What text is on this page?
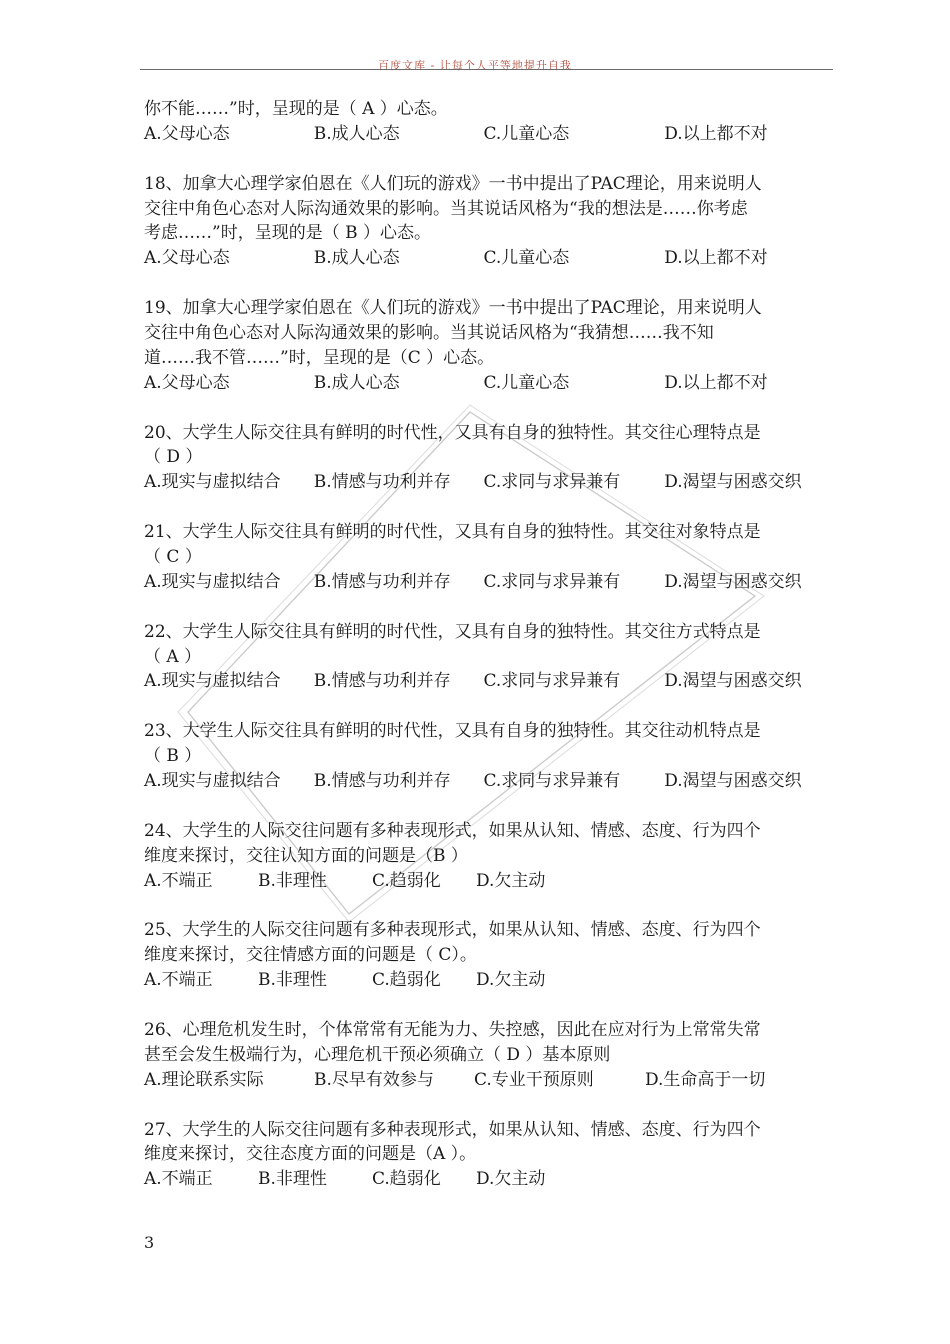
百度文库 - 让每个人平等地提升自我
你不能……”时，呈现的是（ A ）心态。
A.父母心态	B.成人心态	C.儿童心态	D.以上都不对
18、加拿大心理学家伯恩在《人们玩的游戏》一书中提出了PAC理论，用来说明人
交往中角色心态对人际沟通效果的影响。当其说话风格为“我的想法是……你考虑
考虑……”时，呈现的是（ B ）心态。
A.父母心态	B.成人心态	C.儿童心态	D.以上都不对
19、加拿大心理学家伯恩在《人们玩的游戏》一书中提出了PAC理论，用来说明人
交往中角色心态对人际沟通效果的影响。当其说话风格为“我猜想……我不知
道……我不管……”时，呈现的是（C ）心态。
A.父母心态	B.成人心态	C.儿童心态	D.以上都不对
20、大学生人际交往具有鲜明的时代性，又具有自身的独特性。其交往心理特点是
（ D ）
A.现实与虚拟结合	B.情感与功利并存	C.求同与求异兼有	D.渴望与困惑交织
21、大学生人际交往具有鲜明的时代性，又具有自身的独特性。其交往对象特点是
（ C ）
A.现实与虚拟结合	B.情感与功利并存	C.求同与求异兼有	D.渴望与困惑交织
22、大学生人际交往具有鲜明的时代性，又具有自身的独特性。其交往方式特点是
（ A ）
A.现实与虚拟结合	B.情感与功利并存	C.求同与求异兼有	D.渴望与困惑交织
23、大学生人际交往具有鲜明的时代性，又具有自身的独特性。其交往动机特点是
（ B ）
A.现实与虚拟结合	B.情感与功利并存	C.求同与求异兼有	D.渴望与困惑交织
24、大学生的人际交往问题有多种表现形式，如果从认知、情感、态度、行为四个
维度来探讨，交往认知方面的问题是（B ）
A.不端正	B.非理性	C.趋弱化	D.欠主动
25、大学生的人际交往问题有多种表现形式，如果从认知、情感、态度、行为四个
维度来探讨，交往情感方面的问题是（ C）。
A.不端正	B.非理性	C.趋弱化	D.欠主动
26、心理危机发生时，个体常常有无能为力、失控感，因此在应对行为上常常失常
甚至会发生极端行为，心理危机干预必须确立（ D ）基本原则
A.理论联系实际	B.尽早有效参与	C.专业干预原则	D.生命高于一切
27、大学生的人际交往问题有多种表现形式，如果从认知、情感、态度、行为四个
维度来探讨，交往态度方面的问题是（A ）。
A.不端正	B.非理性	C.趋弱化	D.欠主动
3
